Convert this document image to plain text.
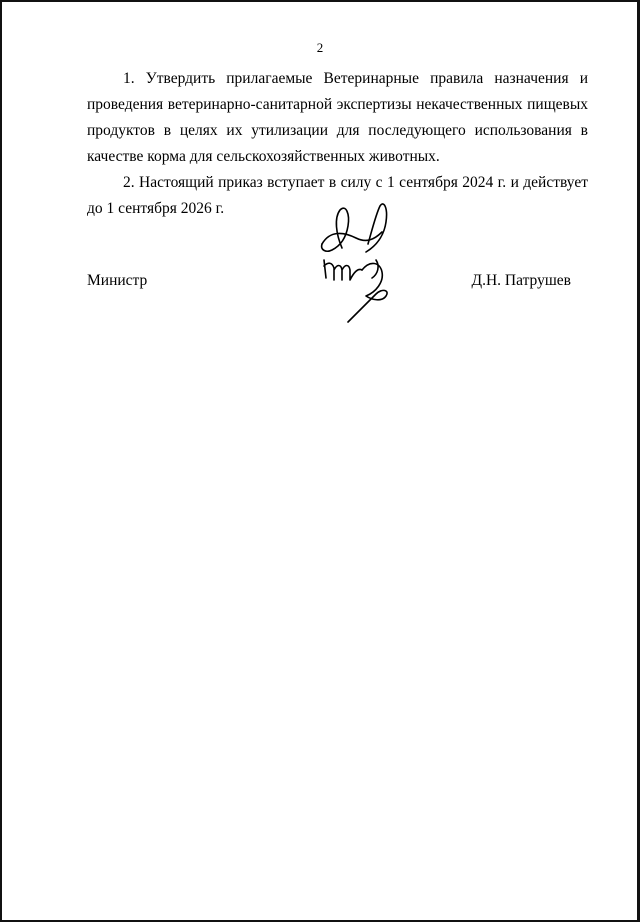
2

1. Утвердить прилагаемые Ветеринарные правила назначения и проведения ветеринарно-санитарной экспертизы некачественных пищевых продуктов в целях их утилизации для последующего использования в качестве корма для сельскохозяйственных животных.

2. Настоящий приказ вступает в силу с 1 сентября 2024 г. и действует до 1 сентября 2026 г.

Министр	Д.Н. Патрушев
